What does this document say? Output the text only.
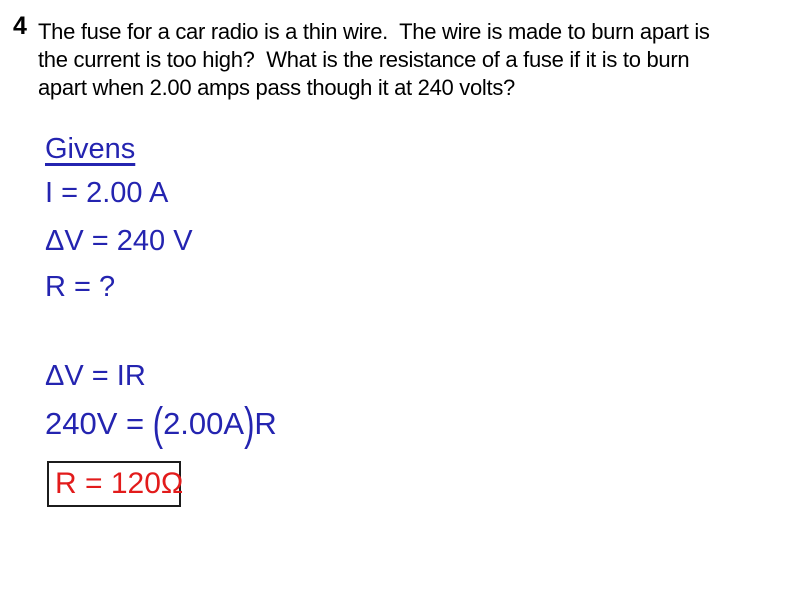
4 The fuse for a car radio is a thin wire.  The wire is made to burn apart is
the current is too high?  What is the resistance of a fuse if it is to burn
apart when 2.00 amps pass though it at 240 volts?
Givens
I = 2.00 A
ΔV = 240 V
R = ?
ΔV = IR
240V = (2.00A)R
R = 120Ω
